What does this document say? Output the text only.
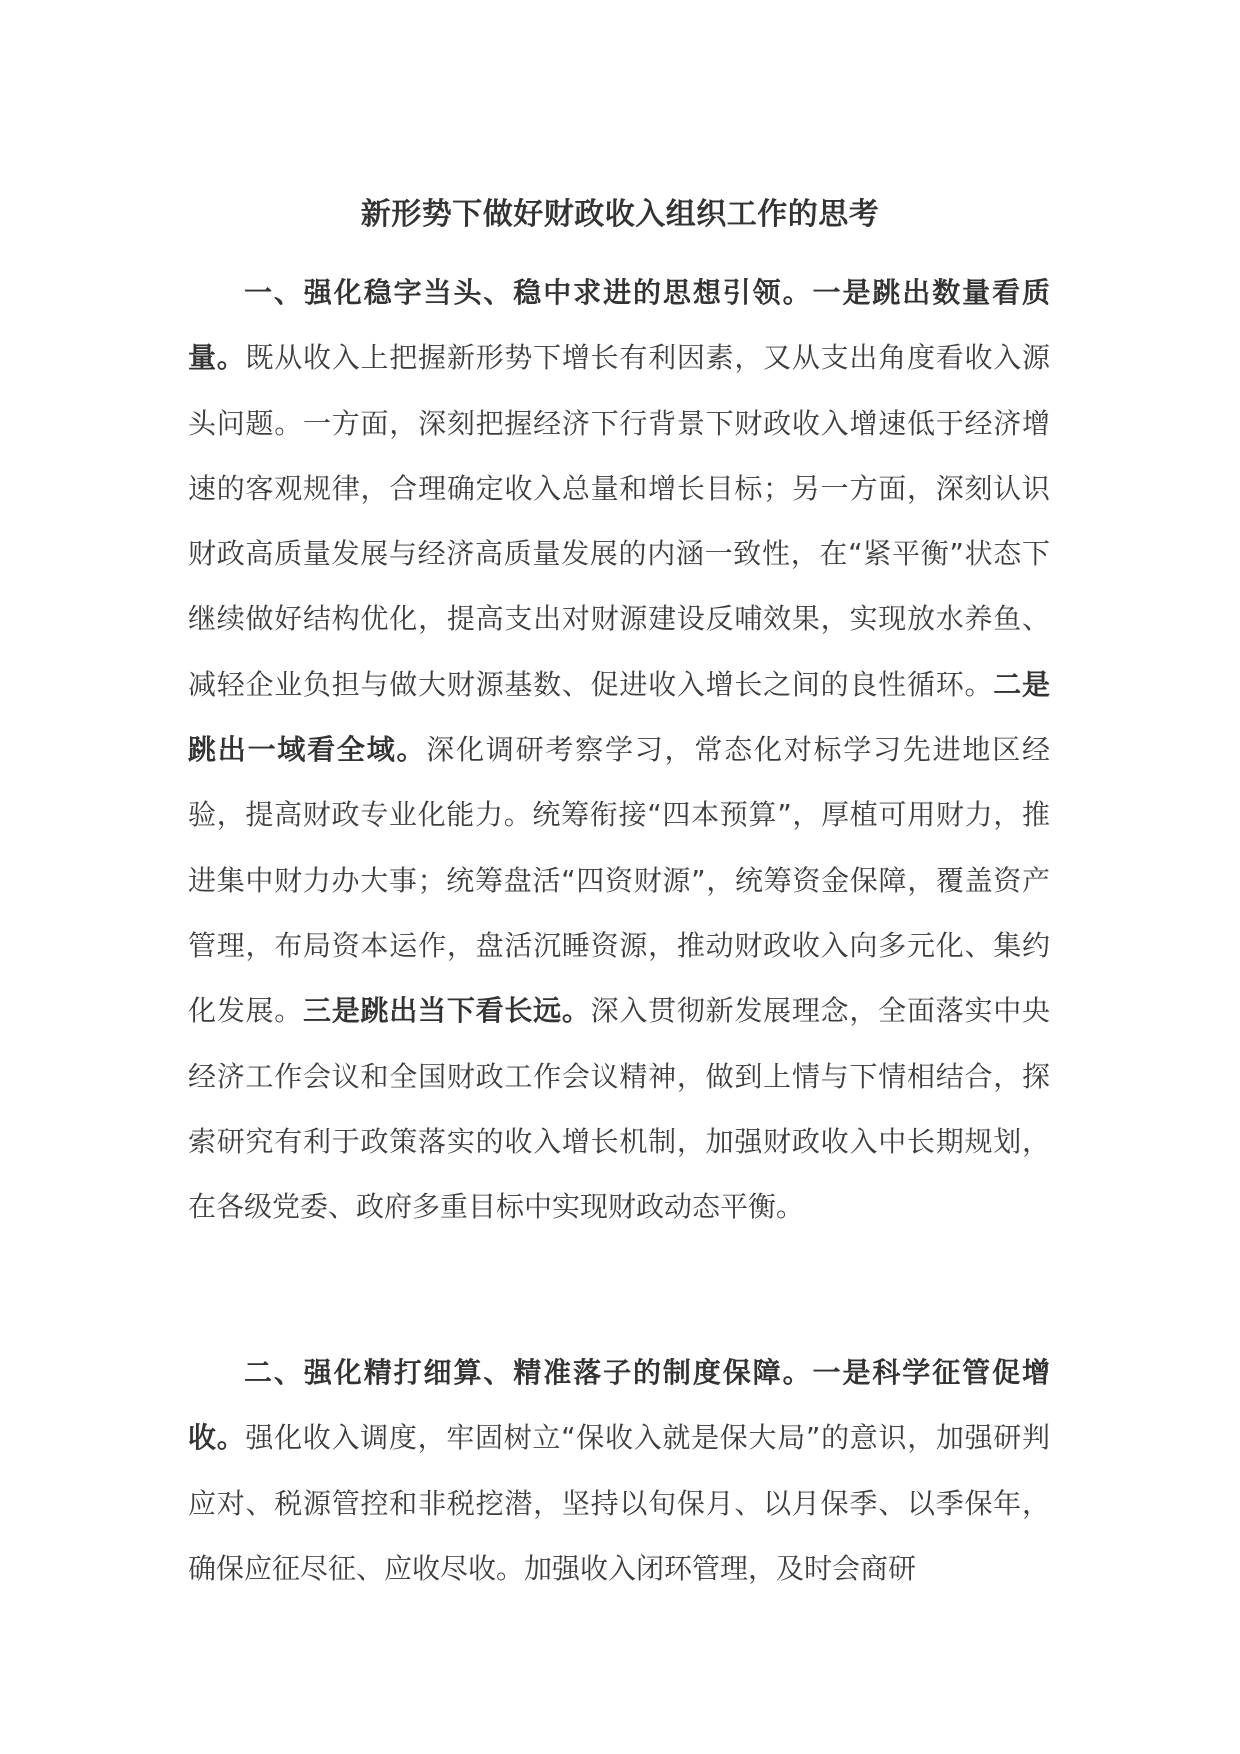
新形势下做好财政收入组织工作的思考

一、强化稳字当头、稳中求进的思想引领。一是跳出数量看质量。既从收入上把握新形势下增长有利因素，又从支出角度看收入源头问题。一方面，深刻把握经济下行背景下财政收入增速低于经济增速的客观规律，合理确定收入总量和增长目标；另一方面，深刻认识财政高质量发展与经济高质量发展的内涵一致性，在“紧平衡”状态下继续做好结构优化，提高支出对财源建设反哺效果，实现放水养鱼、减轻企业负担与做大财源基数、促进收入增长之间的良性循环。二是跳出一域看全域。深化调研考察学习，常态化对标学习先进地区经验，提高财政专业化能力。统筹衔接“四本预算”，厚植可用财力，推进集中财力办大事；统筹盘活“四资财源”，统筹资金保障，覆盖资产管理，布局资本运作，盘活沉睡资源，推动财政收入向多元化、集约化发展。三是跳出当下看长远。深入贯彻新发展理念，全面落实中央经济工作会议和全国财政工作会议精神，做到上情与下情相结合，探索研究有利于政策落实的收入增长机制，加强财政收入中长期规划，在各级党委、政府多重目标中实现财政动态平衡。

二、强化精打细算、精准落子的制度保障。一是科学征管促增收。强化收入调度，牢固树立“保收入就是保大局”的意识，加强研判应对、税源管控和非税挖潜，坚持以旬保月、以月保季、以季保年，确保应征尽征、应收尽收。加强收入闭环管理，及时会商研
